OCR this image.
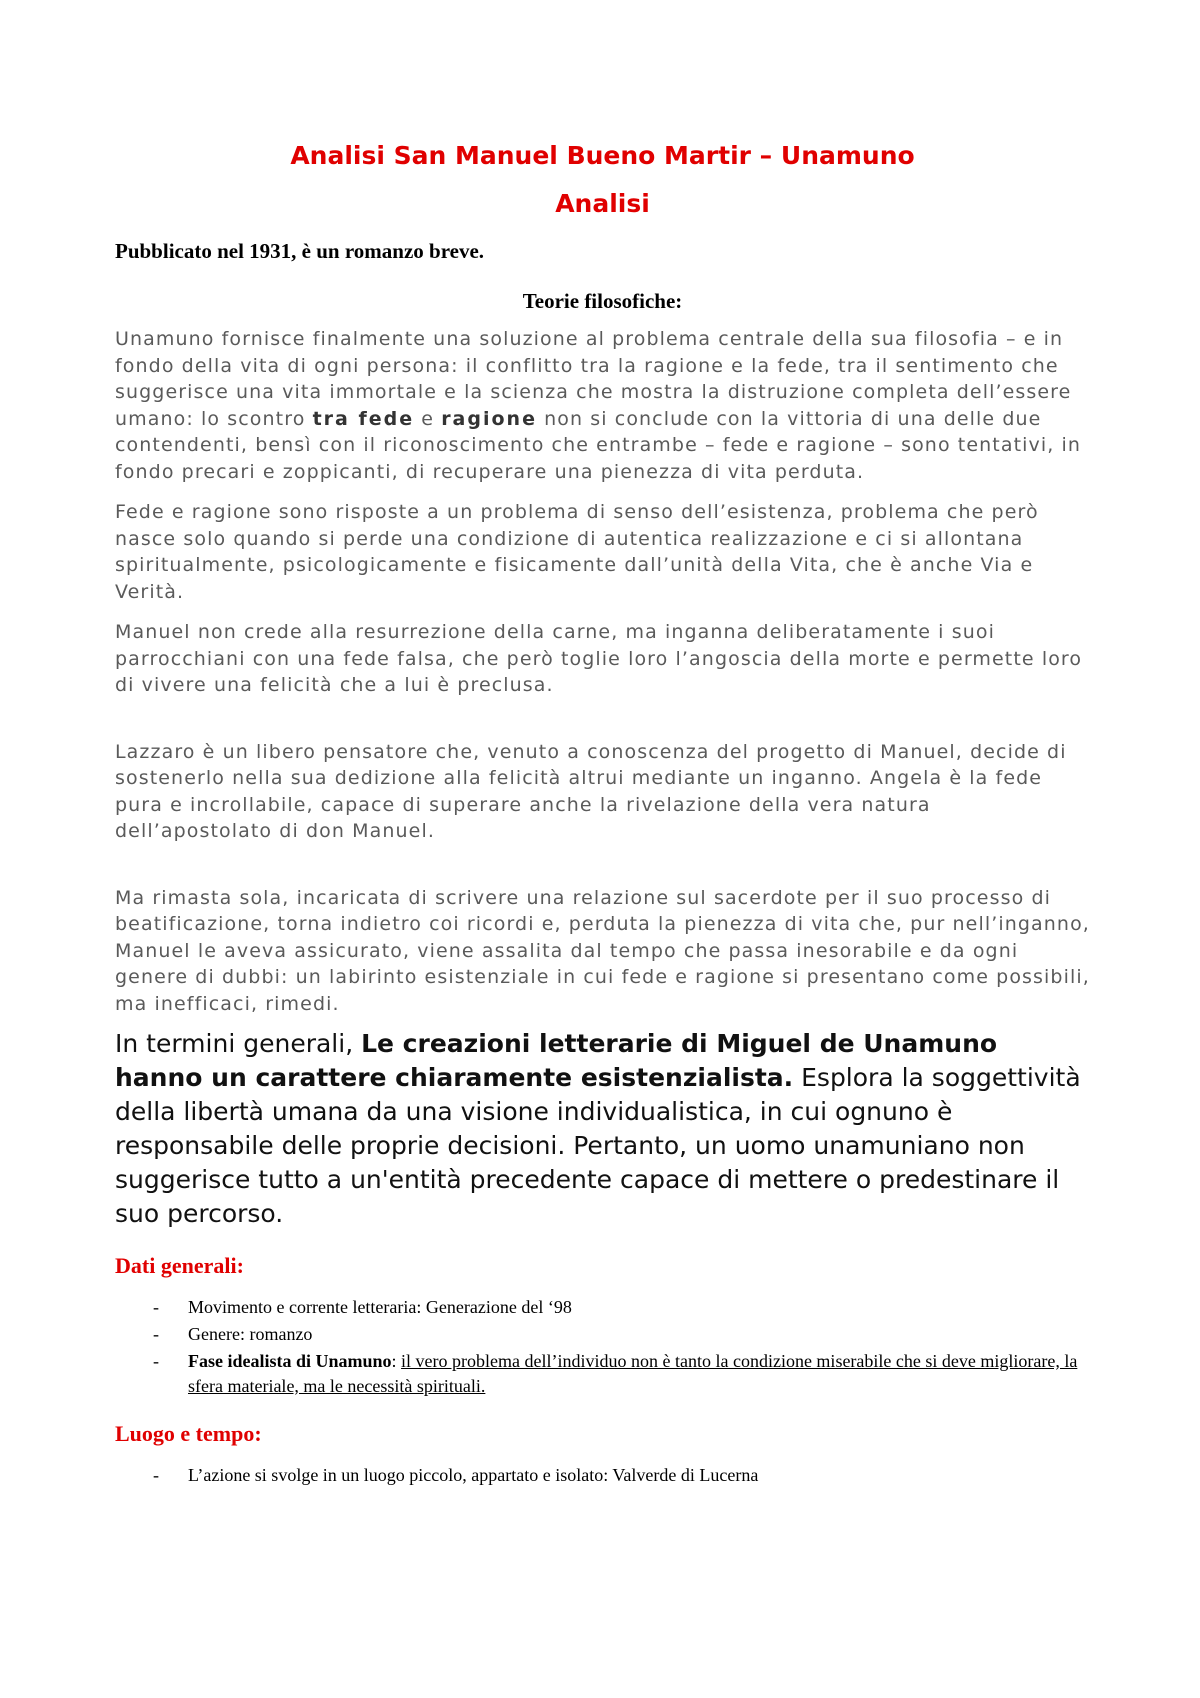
Analisi San Manuel Bueno Martir – Unamuno
Analisi

Pubblicato nel 1931, è un romanzo breve.

Teorie filosofiche:

Unamuno fornisce finalmente una soluzione al problema centrale della sua filosofia – e in fondo della vita di ogni persona: il conflitto tra la ragione e la fede, tra il sentimento che suggerisce una vita immortale e la scienza che mostra la distruzione completa dell’essere umano: lo scontro tra fede e ragione non si conclude con la vittoria di una delle due contendenti, bensì con il riconoscimento che entrambe – fede e ragione – sono tentativi, in fondo precari e zoppicanti, di recuperare una pienezza di vita perduta.

Fede e ragione sono risposte a un problema di senso dell’esistenza, problema che però nasce solo quando si perde una condizione di autentica realizzazione e ci si allontana spiritualmente, psicologicamente e fisicamente dall’unità della Vita, che è anche Via e Verità.

Manuel non crede alla resurrezione della carne, ma inganna deliberatamente i suoi parrocchiani con una fede falsa, che però toglie loro l’angoscia della morte e permette loro di vivere una felicità che a lui è preclusa.

Lazzaro è un libero pensatore che, venuto a conoscenza del progetto di Manuel, decide di sostenerlo nella sua dedizione alla felicità altrui mediante un inganno. Angela è la fede pura e incrollabile, capace di superare anche la rivelazione della vera natura dell’apostolato di don Manuel.

Ma rimasta sola, incaricata di scrivere una relazione sul sacerdote per il suo processo di beatificazione, torna indietro coi ricordi e, perduta la pienezza di vita che, pur nell’inganno, Manuel le aveva assicurato, viene assalita dal tempo che passa inesorabile e da ogni genere di dubbi: un labirinto esistenziale in cui fede e ragione si presentano come possibili, ma inefficaci, rimedi.

In termini generali, Le creazioni letterarie di Miguel de Unamuno hanno un carattere chiaramente esistenzialista. Esplora la soggettività della libertà umana da una visione individualistica, in cui ognuno è responsabile delle proprie decisioni. Pertanto, un uomo unamuniano non suggerisce tutto a un'entità precedente capace di mettere o predestinare il suo percorso.

Dati generali:

- Movimento e corrente letteraria: Generazione del ‘98
- Genere: romanzo
- Fase idealista di Unamuno: il vero problema dell’individuo non è tanto la condizione miserabile che si deve migliorare, la sfera materiale, ma le necessità spirituali.

Luogo e tempo:

- L’azione si svolge in un luogo piccolo, appartato e isolato: Valverde di Lucerna
